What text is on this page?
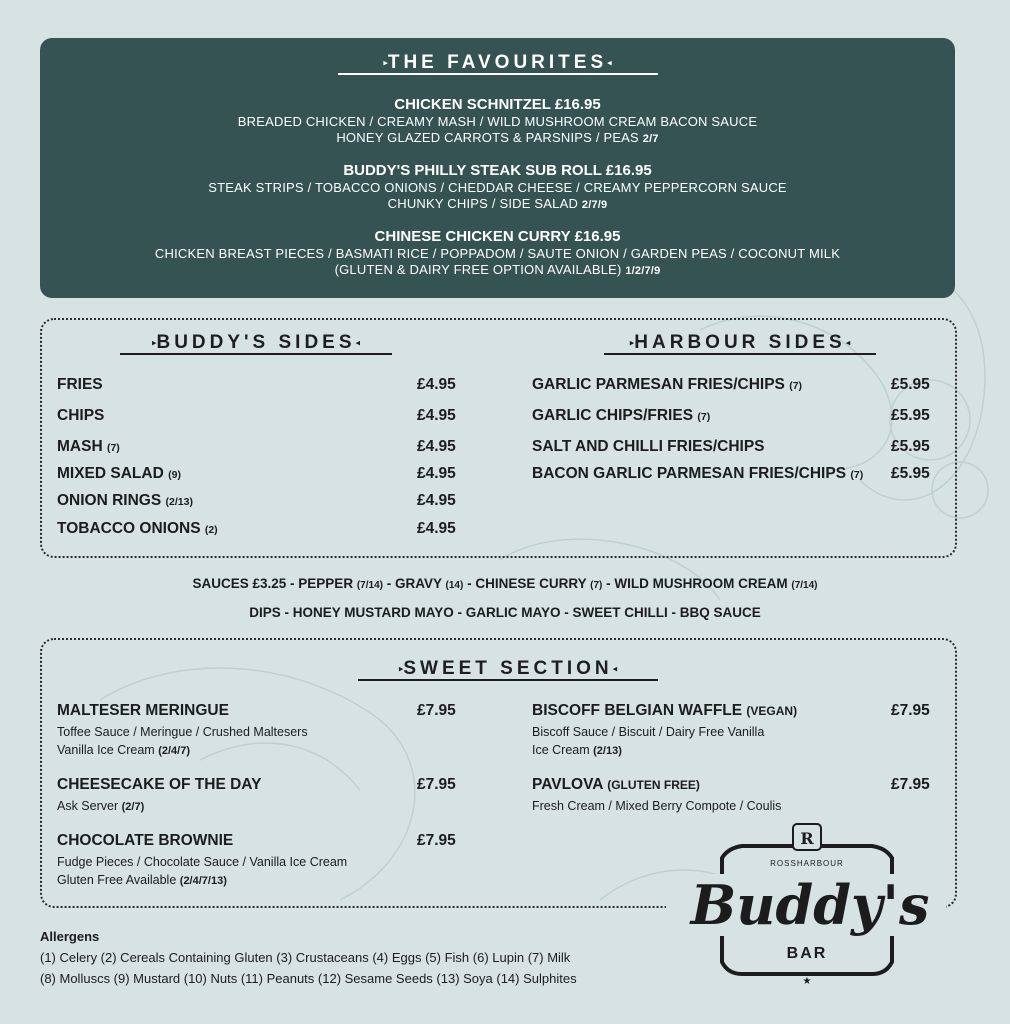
▸THE FAVOURITES◂
CHICKEN SCHNITZEL £16.95
BREADED CHICKEN / CREAMY MASH / WILD MUSHROOM CREAM BACON SAUCE
HONEY GLAZED CARROTS & PARSNIPS / PEAS 2/7
BUDDY'S PHILLY STEAK SUB ROLL £16.95
STEAK STRIPS / TOBACCO ONIONS / CHEDDAR CHEESE / CREAMY PEPPERCORN SAUCE
CHUNKY CHIPS / SIDE SALAD 2/7/9
CHINESE CHICKEN CURRY £16.95
CHICKEN BREAST PIECES / BASMATI RICE / POPPADOM / SAUTE ONION / GARDEN PEAS / COCONUT MILK
(GLUTEN & DAIRY FREE OPTION AVAILABLE) 1/2/7/9
▸BUDDY'S SIDES◂	▸HARBOUR SIDES◂
FRIES	£4.95
CHIPS	£4.95
MASH (7)	£4.95
MIXED SALAD (9)	£4.95
ONION RINGS (2/13)	£4.95
TOBACCO ONIONS (2)	£4.95
GARLIC PARMESAN FRIES/CHIPS (7)	£5.95
GARLIC CHIPS/FRIES (7)	£5.95
SALT AND CHILLI FRIES/CHIPS	£5.95
BACON GARLIC PARMESAN FRIES/CHIPS (7) £5.95
SAUCES £3.25 - PEPPER (7/14) - GRAVY (14) - CHINESE CURRY (7) - WILD MUSHROOM CREAM (7/14)
DIPS - HONEY MUSTARD MAYO - GARLIC MAYO - SWEET CHILLI - BBQ SAUCE
▸SWEET SECTION◂
MALTESER MERINGUE	£7.95
Toffee Sauce / Meringue / Crushed Maltesers
Vanilla Ice Cream (2/4/7)
CHEESECAKE OF THE DAY	£7.95
Ask Server (2/7)
CHOCOLATE BROWNIE	£7.95
Fudge Pieces / Chocolate Sauce / Vanilla Ice Cream
Gluten Free Available (2/4/7/13)
BISCOFF BELGIAN WAFFLE (VEGAN)	£7.95
Biscoff Sauce / Biscuit / Dairy Free Vanilla
Ice Cream (2/13)
PAVLOVA (GLUTEN FREE)	£7.95
Fresh Cream / Mixed Berry Compote / Coulis
Allergens
(1) Celery (2) Cereals Containing Gluten (3) Crustaceans (4) Eggs (5) Fish (6) Lupin (7) Milk
(8) Molluscs (9) Mustard (10) Nuts (11) Peanuts (12) Sesame Seeds (13) Soya (14) Sulphites
R
ROSSHARBOUR
Buddy's
BAR
★
